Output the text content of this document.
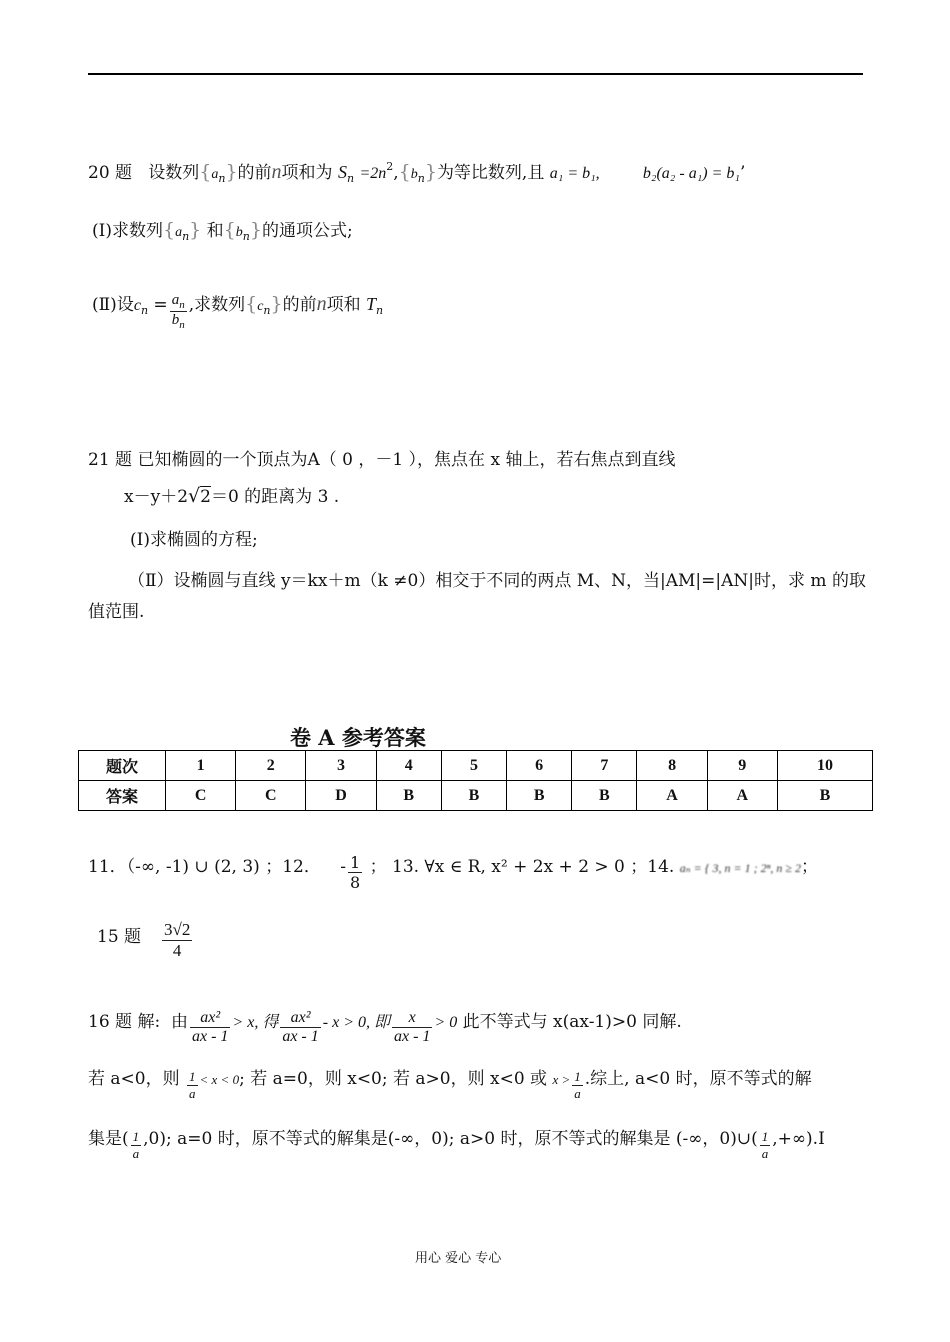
20 题 设数列$\{a_n\}$的前n项和为 $S_n =2n^2,\{b_n\}$为等比数列,且 a₁ = b₁,	b₂(a₂ - a₁) = b₁’
(Ⅰ)求数列$\{a_n\}$ 和$\{b_n\}$的通项公式;
(Ⅱ)设$c_n = \frac{a_n}{b_n}$ ,求数列$\{c_n\}$的前n项和 $T_n$
21 题 已知椭圆的一个顶点为A（ 0 ，－1 ），焦点在 x 轴上，若右焦点到直线
x－y＋2√2＝0 的距离为 3 .
(Ⅰ)求椭圆的方程;
（Ⅱ）设椭圆与直线 y＝kx＋m（k ≠0）相交于不同的两点 M、N，当|AM|=|AN|时，求 m 的取
值范围.
卷 A 参考答案
题次	1	2	3	4	5	6	7	8	9	10
答案	C	C	D	B	B	B	B	A	A	B
11．（-∞, -1) ∪ (2, 3) ；12． - $\frac{1}{8}$ ； 13. ∀x ∈ R, x² + 2x + 2 > 0 ；14. aₙ = { 3, n = 1 ; 2ⁿ, n ≥ 2；
15 题 $\frac{3√2}{4}$
16 题 解: 由 $\frac{\text{ax²}}{ax - 1} > x$, 得 $\frac{\text{ax²}}{ax - 1} - x > 0$, 即 $\frac{x}{ax - 1} > 0$ 此不等式与 x(ax-1)>0 同解.
若 a<0，则 $\frac{1}{a} < x < 0$; 若 a=0，则 x<0; 若 a>0，则 x<0 或 $x > \frac{1}{a}$ .综上, a<0 时，原不等式的解
集是( $\frac{1}{a} ,0$); a=0 时，原不等式的解集是(-∞，0); a>0 时，原不等式的解集是 (-∞，0)∪( $\frac{1}{a} ,+\infty).I$
用心 爱心 专心
